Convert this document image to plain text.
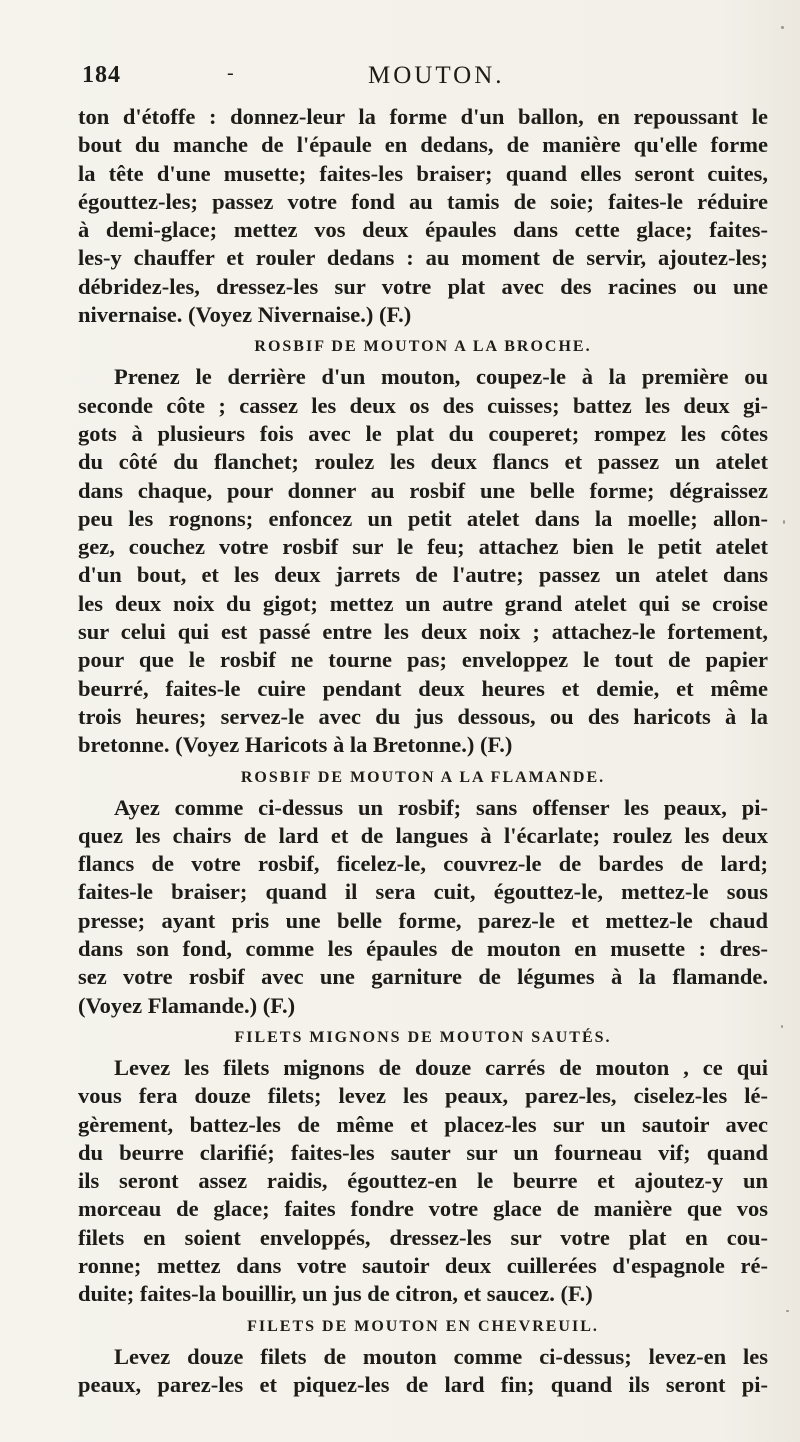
184	-	MOUTON.

ton d'étoffe : donnez-leur la forme d'un ballon, en repoussant le

bout du manche de l'épaule en dedans, de manière qu'elle forme

la tête d'une musette; faites-les braiser; quand elles seront cuites,

égouttez-les; passez votre fond au tamis de soie; faites-le réduire

à demi-glace; mettez vos deux épaules dans cette glace; faites-

les-y chauffer et rouler dedans : au moment de servir, ajoutez-les;

débridez-les, dressez-les sur votre plat avec des racines ou une

nivernaise. (Voyez Nivernaise.) (F.)

ROSBIF DE MOUTON A LA BROCHE.

Prenez le derrière d'un mouton, coupez-le à la première ou

seconde côte ; cassez les deux os des cuisses; battez les deux gi-

gots à plusieurs fois avec le plat du couperet; rompez les côtes

du côté du flanchet; roulez les deux flancs et passez un atelet

dans chaque, pour donner au rosbif une belle forme; dégraissez

peu les rognons; enfoncez un petit atelet dans la moelle; allon-

gez, couchez votre rosbif sur le feu; attachez bien le petit atelet

d'un bout, et les deux jarrets de l'autre; passez un atelet dans

les deux noix du gigot; mettez un autre grand atelet qui se croise

sur celui qui est passé entre les deux noix ; attachez-le fortement,

pour que le rosbif ne tourne pas; enveloppez le tout de papier

beurré, faites-le cuire pendant deux heures et demie, et même

trois heures; servez-le avec du jus dessous, ou des haricots à la

bretonne. (Voyez Haricots à la Bretonne.) (F.)

ROSBIF DE MOUTON A LA FLAMANDE.

Ayez comme ci-dessus un rosbif; sans offenser les peaux, pi-

quez les chairs de lard et de langues à l'écarlate; roulez les deux

flancs de votre rosbif, ficelez-le, couvrez-le de bardes de lard;

faites-le braiser; quand il sera cuit, égouttez-le, mettez-le sous

presse; ayant pris une belle forme, parez-le et mettez-le chaud

dans son fond, comme les épaules de mouton en musette : dres-

sez votre rosbif avec une garniture de légumes à la flamande.

(Voyez Flamande.) (F.)

FILETS MIGNONS DE MOUTON SAUTÉS.

Levez les filets mignons de douze carrés de mouton , ce qui

vous fera douze filets; levez les peaux, parez-les, ciselez-les lé-

gèrement, battez-les de même et placez-les sur un sautoir avec

du beurre clarifié; faites-les sauter sur un fourneau vif; quand

ils seront assez raidis, égouttez-en le beurre et ajoutez-y un

morceau de glace; faites fondre votre glace de manière que vos

filets en soient enveloppés, dressez-les sur votre plat en cou-

ronne; mettez dans votre sautoir deux cuillerées d'espagnole ré-

duite; faites-la bouillir, un jus de citron, et saucez. (F.)

FILETS DE MOUTON EN CHEVREUIL.

Levez douze filets de mouton comme ci-dessus; levez-en les

peaux, parez-les et piquez-les de lard fin; quand ils seront pi-
